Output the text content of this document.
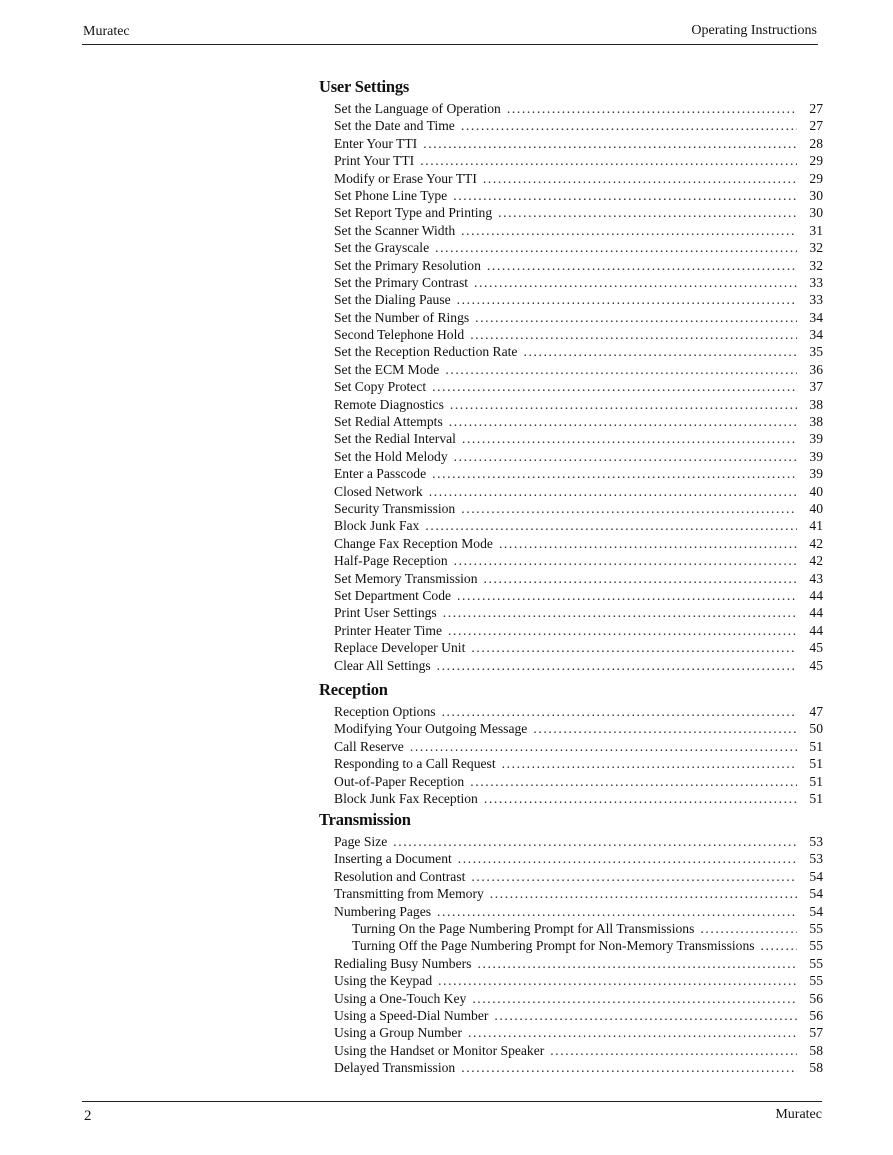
Muratec	Operating Instructions
User Settings
Set the Language of Operation . . .	27
Set the Date and Time . . .	27
Enter Your TTI . . .	28
Print Your TTI . . .	29
Modify or Erase Your TTI . . .	29
Set Phone Line Type . . .	30
Set Report Type and Printing . . .	30
Set the Scanner Width . . .	31
Set the Grayscale . . .	32
Set the Primary Resolution . . .	32
Set the Primary Contrast . . .	33
Set the Dialing Pause . . .	33
Set the Number of Rings . . .	34
Second Telephone Hold . . .	34
Set the Reception Reduction Rate . . .	35
Set the ECM Mode . . .	36
Set Copy Protect . . .	37
Remote Diagnostics . . .	38
Set Redial Attempts . . .	38
Set the Redial Interval . . .	39
Set the Hold Melody . . .	39
Enter a Passcode . . .	39
Closed Network . . .	40
Security Transmission . . .	40
Block Junk Fax . . .	41
Change Fax Reception Mode . . .	42
Half-Page Reception . . .	42
Set Memory Transmission . . .	43
Set Department Code . . .	44
Print User Settings . . .	44
Printer Heater Time . . .	44
Replace Developer Unit . . .	45
Clear All Settings . . .	45
Reception
Reception Options . . .	47
Modifying Your Outgoing Message . . .	50
Call Reserve . . .	51
Responding to a Call Request . . .	51
Out-of-Paper Reception . . .	51
Block Junk Fax Reception . . .	51
Transmission
Page Size . . .	53
Inserting a Document . . .	53
Resolution and Contrast . . .	54
Transmitting from Memory . . .	54
Numbering Pages . . .	54
Turning On the Page Numbering Prompt for All Transmissions . . .	55
Turning Off the Page Numbering Prompt for Non-Memory Transmissions . . .	55
Redialing Busy Numbers . . .	55
Using the Keypad . . .	55
Using a One-Touch Key . . .	56
Using a Speed-Dial Number . . .	56
Using a Group Number . . .	57
Using the Handset or Monitor Speaker . . .	58
Delayed Transmission . . .	58
2	Muratec
